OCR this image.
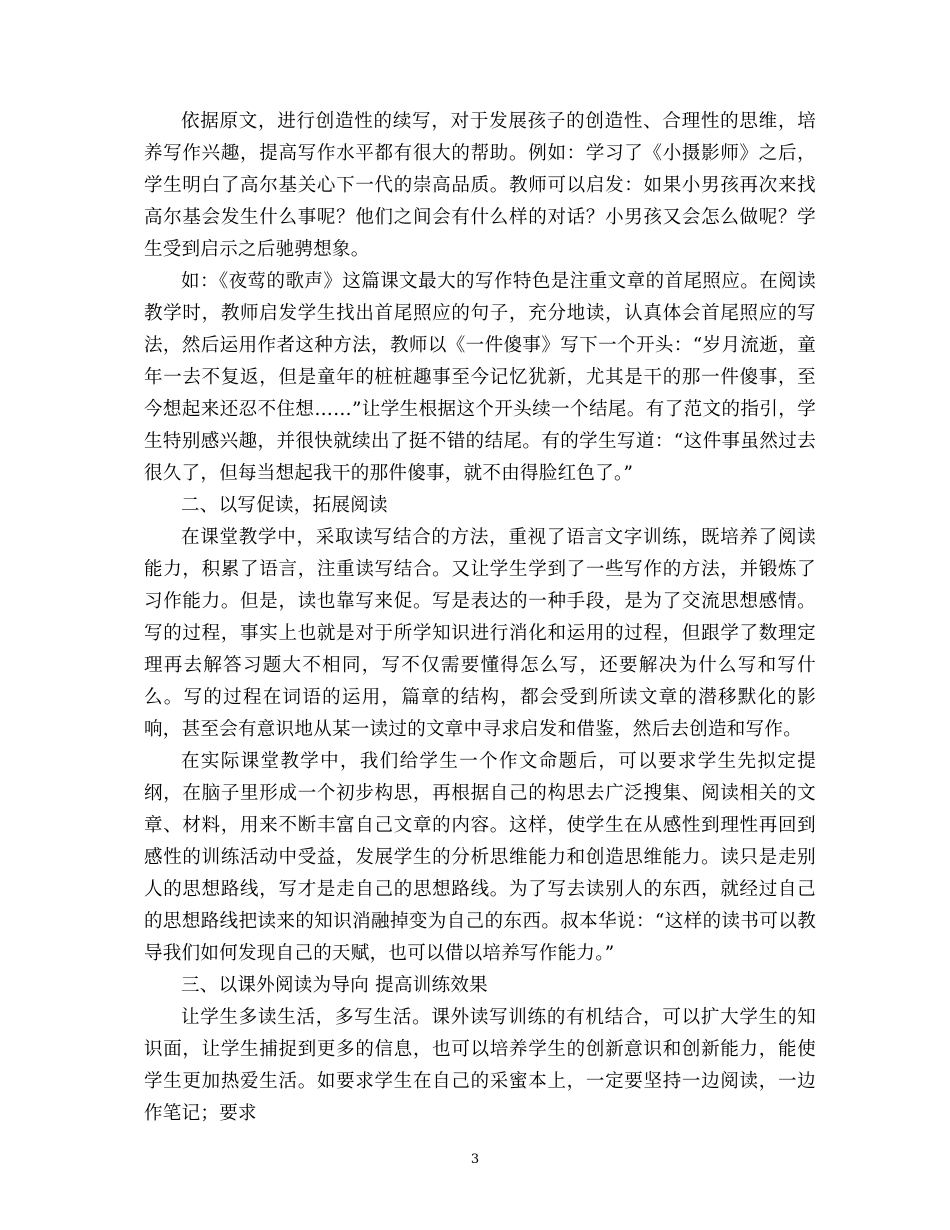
依据原文，进行创造性的续写，对于发展孩子的创造性、合理性的思维，培养写作兴趣，提高写作水平都有很大的帮助。例如：学习了《小摄影师》之后，学生明白了高尔基关心下一代的崇高品质。教师可以启发：如果小男孩再次来找高尔基会发生什么事呢？他们之间会有什么样的对话？小男孩又会怎么做呢？学生受到启示之后驰骋想象。

如：《夜莺的歌声》这篇课文最大的写作特色是注重文章的首尾照应。在阅读教学时，教师启发学生找出首尾照应的句子，充分地读，认真体会首尾照应的写法，然后运用作者这种方法，教师以《一件傻事》写下一个开头：“岁月流逝，童年一去不复返，但是童年的桩桩趣事至今记忆犹新，尤其是干的那一件傻事，至今想起来还忍不住想……”让学生根据这个开头续一个结尾。有了范文的指引，学生特别感兴趣，并很快就续出了挺不错的结尾。有的学生写道：“这件事虽然过去很久了，但每当想起我干的那件傻事，就不由得脸红色了。”

二、以写促读，拓展阅读

在课堂教学中，采取读写结合的方法，重视了语言文字训练，既培养了阅读能力，积累了语言，注重读写结合。又让学生学到了一些写作的方法，并锻炼了习作能力。但是，读也靠写来促。写是表达的一种手段，是为了交流思想感情。写的过程，事实上也就是对于所学知识进行消化和运用的过程，但跟学了数理定理再去解答习题大不相同，写不仅需要懂得怎么写，还要解决为什么写和写什么。写的过程在词语的运用，篇章的结构，都会受到所读文章的潜移默化的影响，甚至会有意识地从某一读过的文章中寻求启发和借鉴，然后去创造和写作。

在实际课堂教学中，我们给学生一个作文命题后，可以要求学生先拟定提纲，在脑子里形成一个初步构思，再根据自己的构思去广泛搜集、阅读相关的文章、材料，用来不断丰富自己文章的内容。这样，使学生在从感性到理性再回到感性的训练活动中受益，发展学生的分析思维能力和创造思维能力。读只是走别人的思想路线，写才是走自己的思想路线。为了写去读别人的东西，就经过自己的思想路线把读来的知识消融掉变为自己的东西。叔本华说：“这样的读书可以教导我们如何发现自己的天赋，也可以借以培养写作能力。”

三、以课外阅读为导向 提高训练效果

让学生多读生活，多写生活。课外读写训练的有机结合，可以扩大学生的知识面，让学生捕捉到更多的信息，也可以培养学生的创新意识和创新能力，能使学生更加热爱生活。如要求学生在自己的采蜜本上，一定要坚持一边阅读，一边作笔记；要求

3
